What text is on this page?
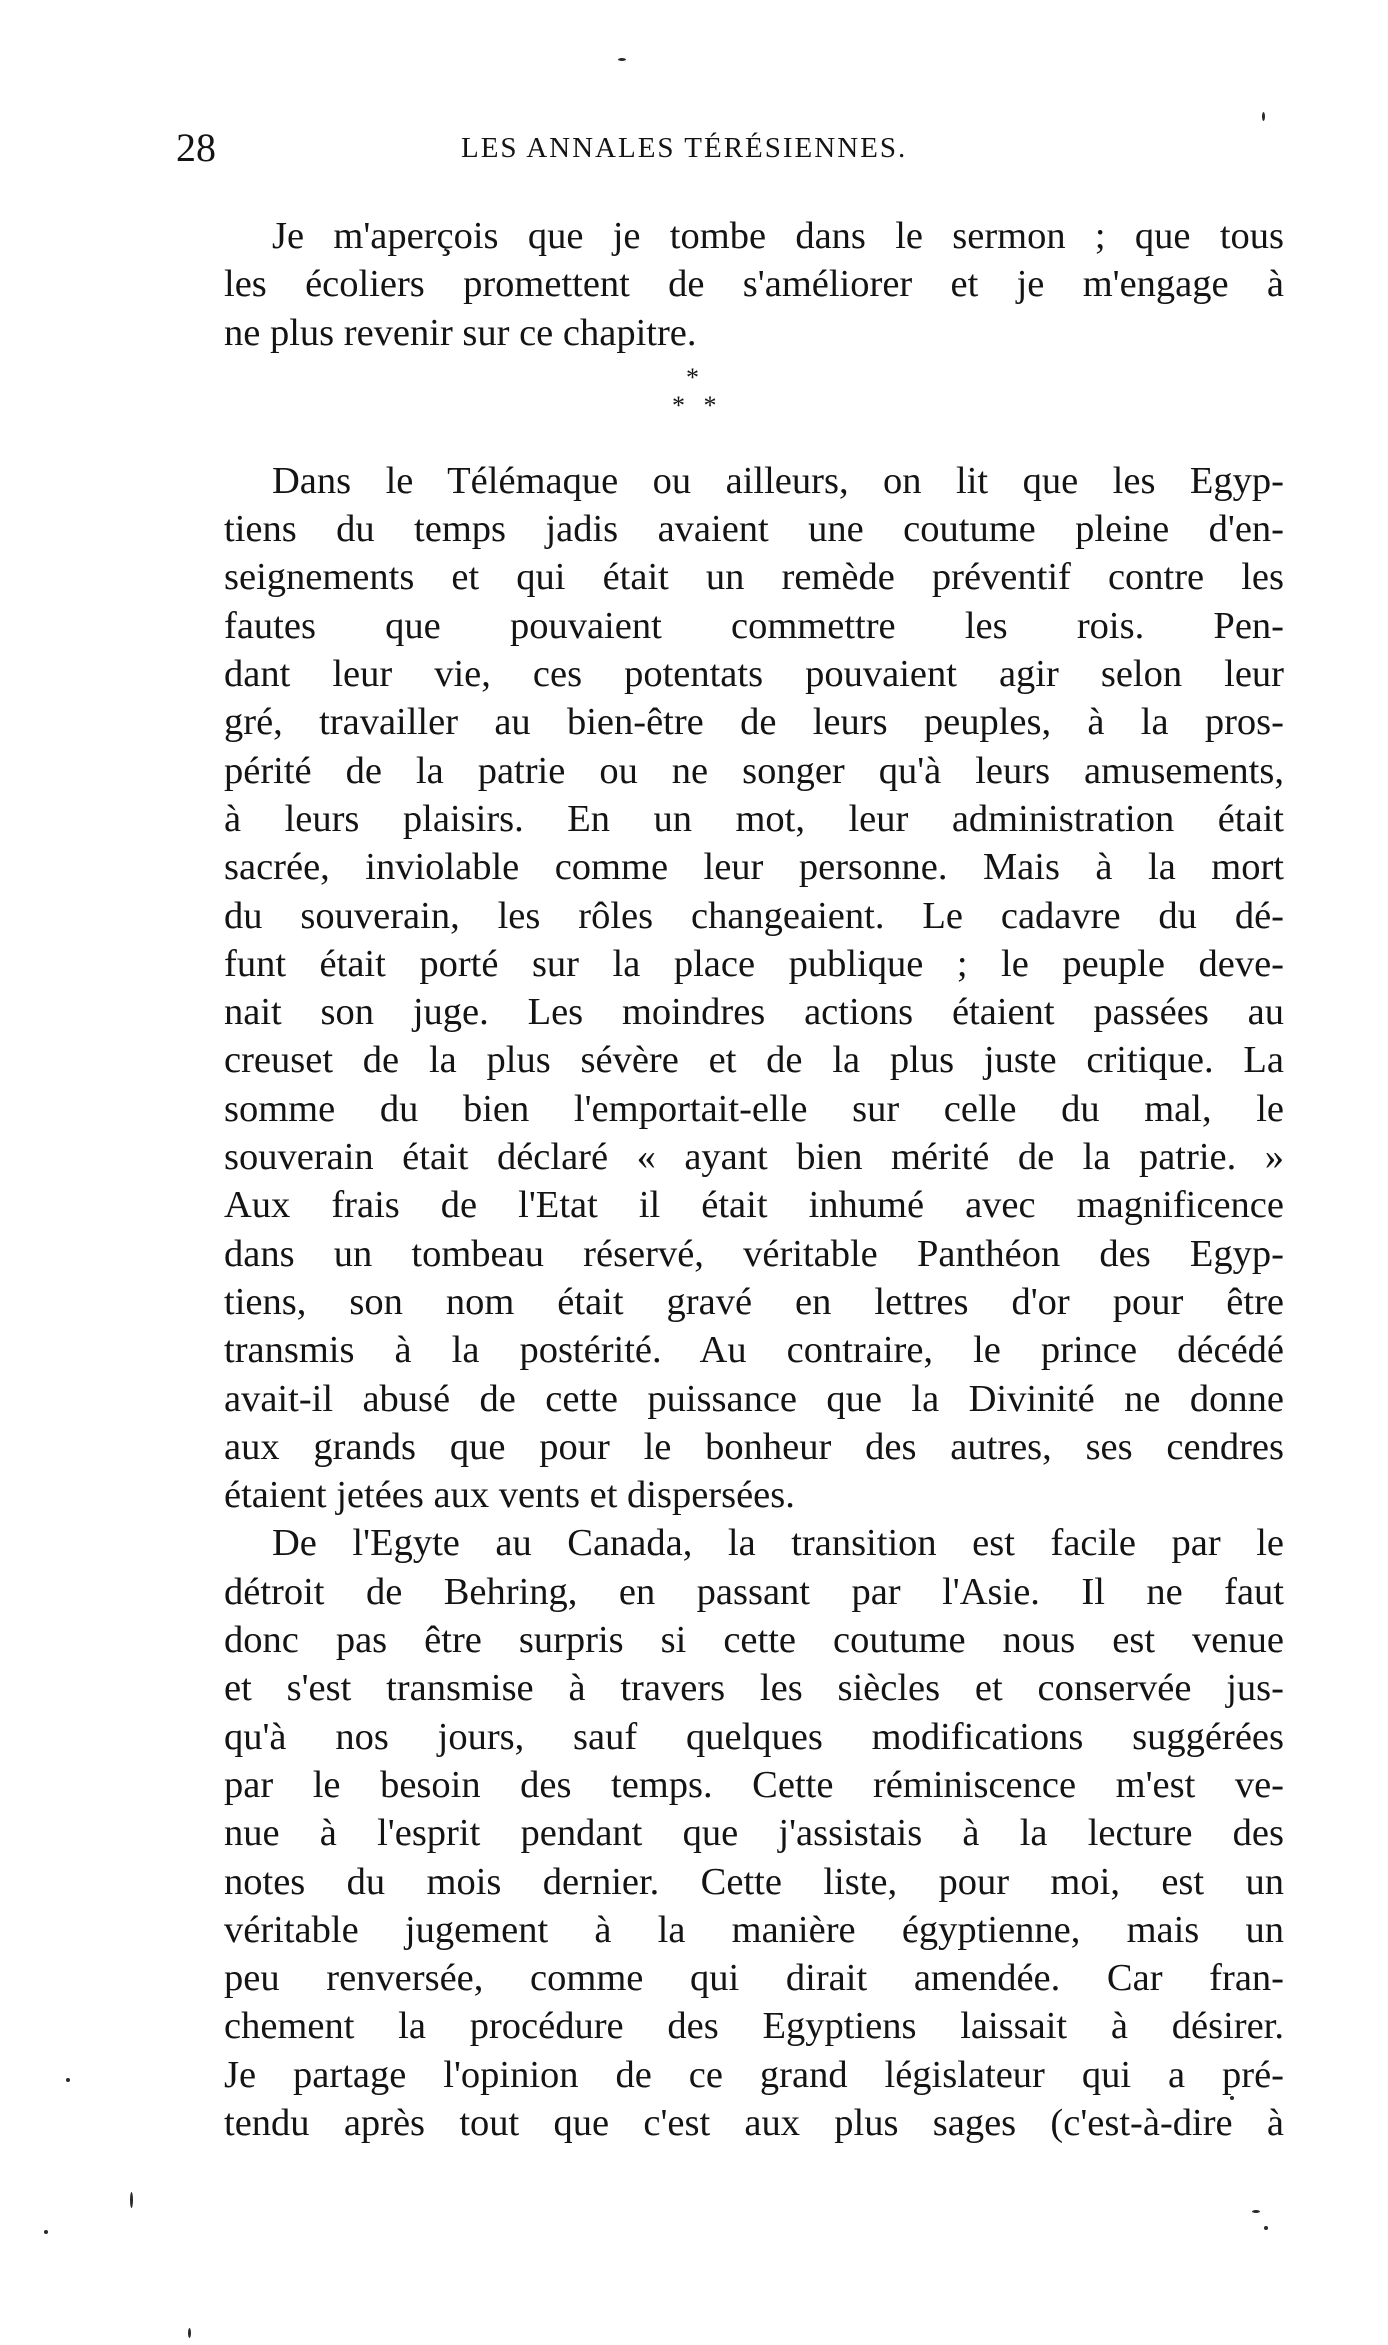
28	LES ANNALES TÉRÉSIENNES.
Je m'aperçois que je tombe dans le sermon ; que tous
les écoliers promettent de s'améliorer et je m'engage à
ne plus revenir sur ce chapitre.
*
* *
Dans le Télémaque ou ailleurs, on lit que les Egyp-
tiens du temps jadis avaient une coutume pleine d'en-
seignements et qui était un remède préventif contre les
fautes que pouvaient commettre les rois. Pen-
dant leur vie, ces potentats pouvaient agir selon leur
gré, travailler au bien-être de leurs peuples, à la pros-
périté de la patrie ou ne songer qu'à leurs amusements,
à leurs plaisirs. En un mot, leur administration était
sacrée, inviolable comme leur personne. Mais à la mort
du souverain, les rôles changeaient. Le cadavre du dé-
funt était porté sur la place publique ; le peuple deve-
nait son juge. Les moindres actions étaient passées au
creuset de la plus sévère et de la plus juste critique. La
somme du bien l'emportait-elle sur celle du mal, le
souverain était déclaré « ayant bien mérité de la patrie. »
Aux frais de l'Etat il était inhumé avec magnificence
dans un tombeau réservé, véritable Panthéon des Egyp-
tiens, son nom était gravé en lettres d'or pour être
transmis à la postérité. Au contraire, le prince décédé
avait-il abusé de cette puissance que la Divinité ne donne
aux grands que pour le bonheur des autres, ses cendres
étaient jetées aux vents et dispersées.
De l'Egyte au Canada, la transition est facile par le
détroit de Behring, en passant par l'Asie. Il ne faut
donc pas être surpris si cette coutume nous est venue
et s'est transmise à travers les siècles et conservée jus-
qu'à nos jours, sauf quelques modifications suggérées
par le besoin des temps. Cette réminiscence m'est ve-
nue à l'esprit pendant que j'assistais à la lecture des
notes du mois dernier. Cette liste, pour moi, est un
véritable jugement à la manière égyptienne, mais un
peu renversée, comme qui dirait amendée. Car fran-
chement la procédure des Egyptiens laissait à désirer.
Je partage l'opinion de ce grand législateur qui a pré-
tendu après tout que c'est aux plus sages (c'est-à-dire à
